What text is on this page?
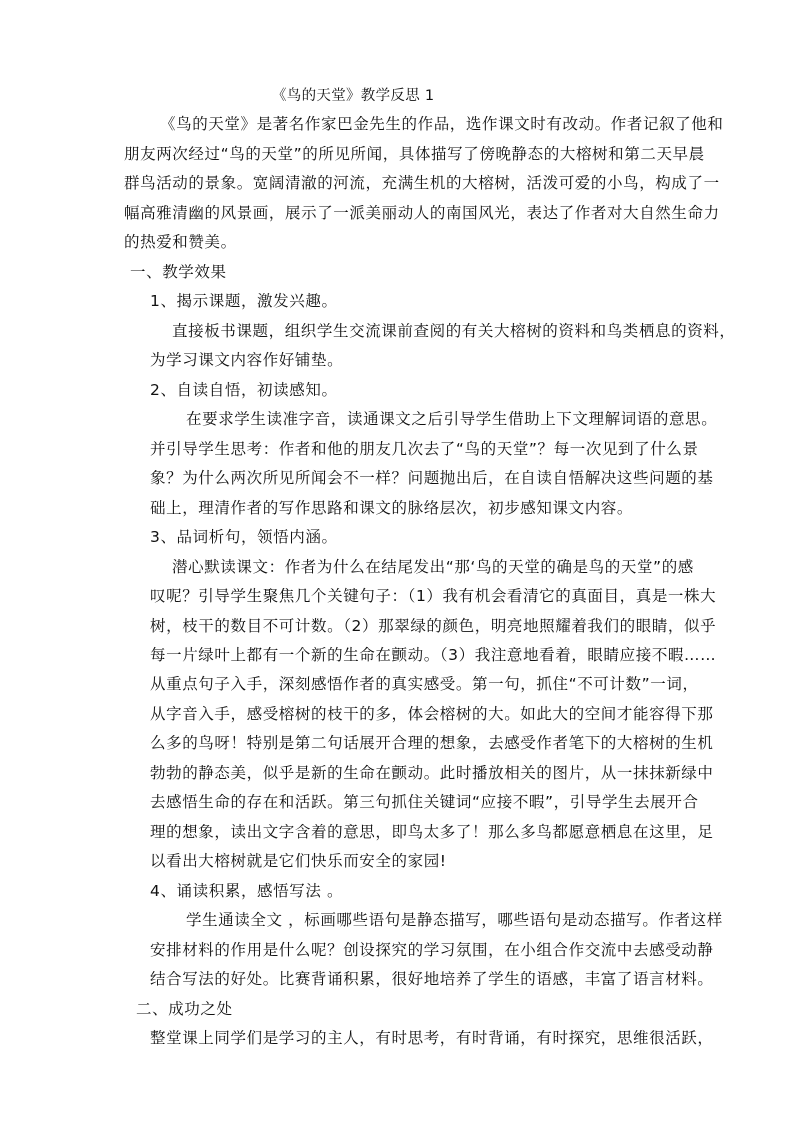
《鸟的天堂》教学反思 1
《鸟的天堂》是著名作家巴金先生的作品，选作课文时有改动。作者记叙了他和
朋友两次经过“鸟的天堂”的所见所闻，具体描写了傍晚静态的大榕树和第二天早晨
群鸟活动的景象。宽阔清澈的河流，充满生机的大榕树，活泼可爱的小鸟，构成了一
幅高雅清幽的风景画，展示了一派美丽动人的南国风光，表达了作者对大自然生命力
的热爱和赞美。
一、教学效果
1、揭示课题，激发兴趣。
直接板书课题，组织学生交流课前查阅的有关大榕树的资料和鸟类栖息的资料，
为学习课文内容作好铺垫。
2、自读自悟，初读感知。
在要求学生读准字音，读通课文之后引导学生借助上下文理解词语的意思。
并引导学生思考：作者和他的朋友几次去了“鸟的天堂”？每一次见到了什么景
象？为什么两次所见所闻会不一样？问题抛出后，在自读自悟解决这些问题的基
础上，理清作者的写作思路和课文的脉络层次，初步感知课文内容。
3、品词析句，领悟内涵。
潜心默读课文：作者为什么在结尾发出“那‘鸟的天堂的确是鸟的天堂”的感
叹呢？引导学生聚焦几个关键句子：（1）我有机会看清它的真面目，真是一株大
树，枝干的数目不可计数。（2）那翠绿的颜色，明亮地照耀着我们的眼睛，似乎
每一片绿叶上都有一个新的生命在颤动。（3）我注意地看着，眼睛应接不暇……
从重点句子入手，深刻感悟作者的真实感受。第一句，抓住“不可计数”一词，
从字音入手，感受榕树的枝干的多，体会榕树的大。如此大的空间才能容得下那
么多的鸟呀！特别是第二句话展开合理的想象，去感受作者笔下的大榕树的生机
勃勃的静态美，似乎是新的生命在颤动。此时播放相关的图片，从一抹抹新绿中
去感悟生命的存在和活跃。第三句抓住关键词“应接不暇”，引导学生去展开合
理的想象，读出文字含着的意思，即鸟太多了！那么多鸟都愿意栖息在这里，足
以看出大榕树就是它们快乐而安全的家园!
4、诵读积累，感悟写法 。
学生通读全文 ，标画哪些语句是静态描写，哪些语句是动态描写。作者这样
安排材料的作用是什么呢？创设探究的学习氛围，在小组合作交流中去感受动静
结合写法的好处。比赛背诵积累，很好地培养了学生的语感，丰富了语言材料。
二、成功之处
整堂课上同学们是学习的主人，有时思考，有时背诵，有时探究，思维很活跃，
